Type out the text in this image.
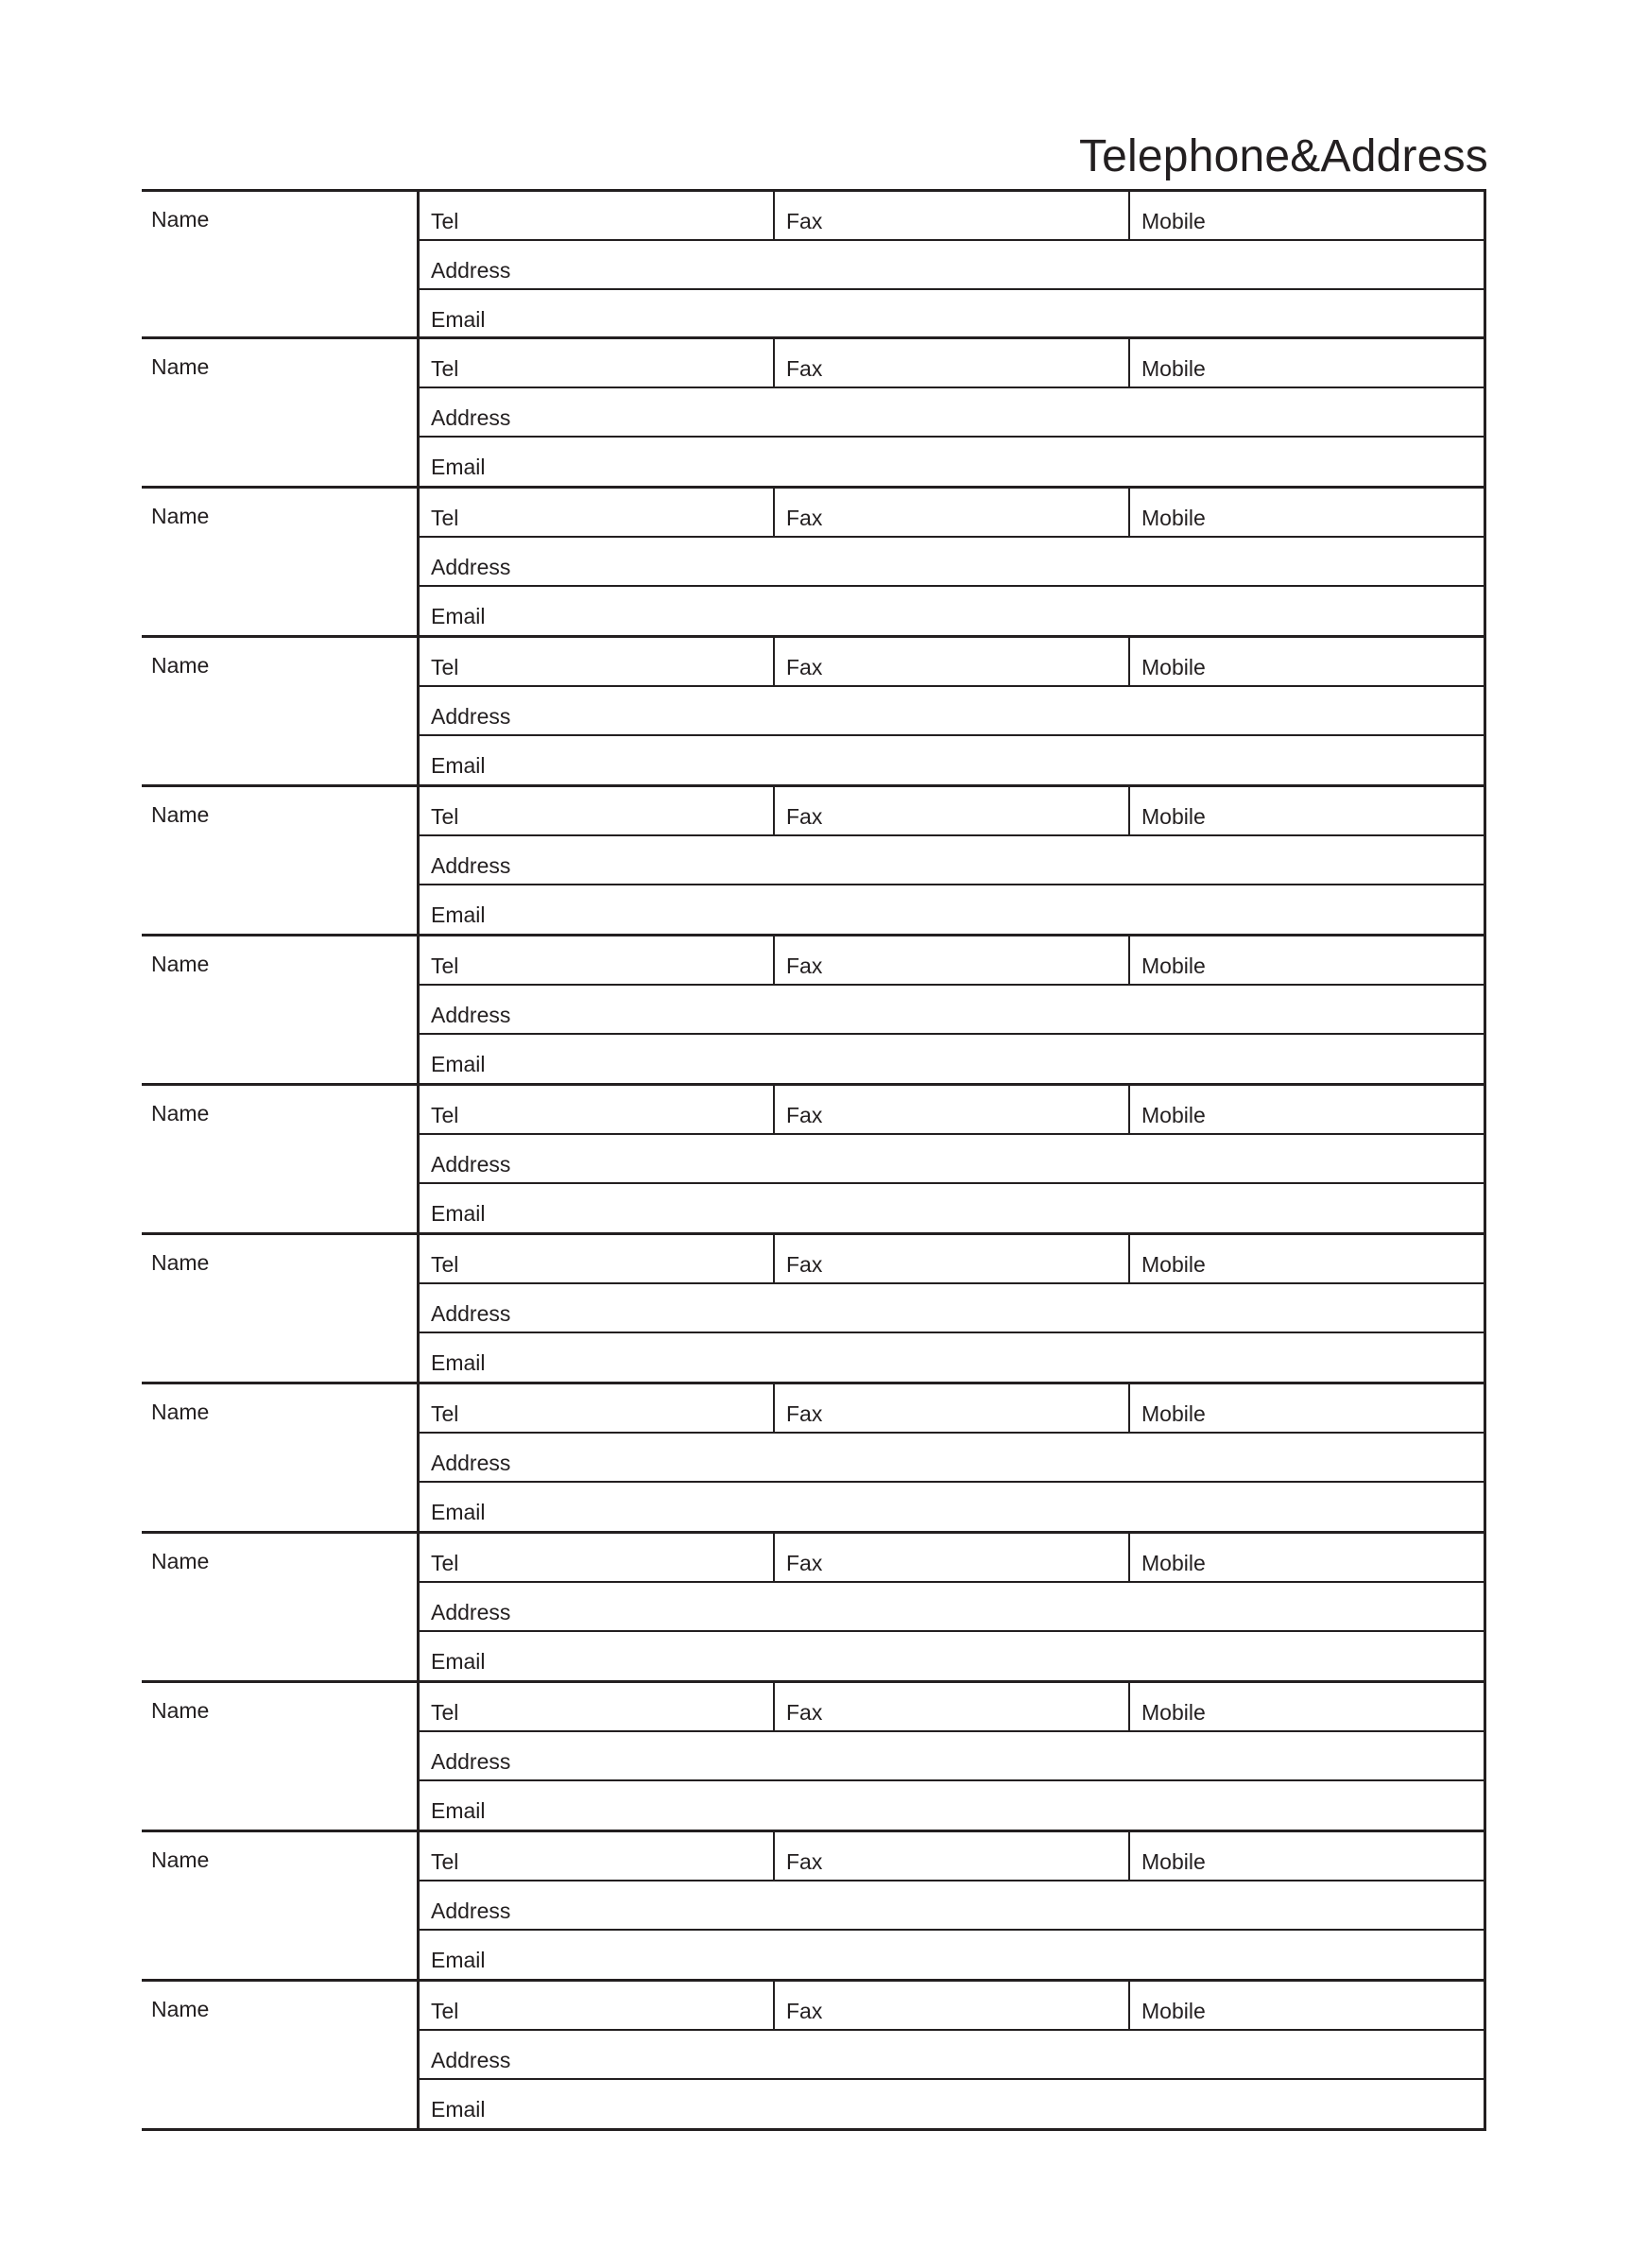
Telephone&Address
Name	Tel	Fax	Mobile
Address
Email
Name	Tel	Fax	Mobile
Address
Email
Name	Tel	Fax	Mobile
Address
Email
Name	Tel	Fax	Mobile
Address
Email
Name	Tel	Fax	Mobile
Address
Email
Name	Tel	Fax	Mobile
Address
Email
Name	Tel	Fax	Mobile
Address
Email
Name	Tel	Fax	Mobile
Address
Email
Name	Tel	Fax	Mobile
Address
Email
Name	Tel	Fax	Mobile
Address
Email
Name	Tel	Fax	Mobile
Address
Email
Name	Tel	Fax	Mobile
Address
Email
Name	Tel	Fax	Mobile
Address
Email
